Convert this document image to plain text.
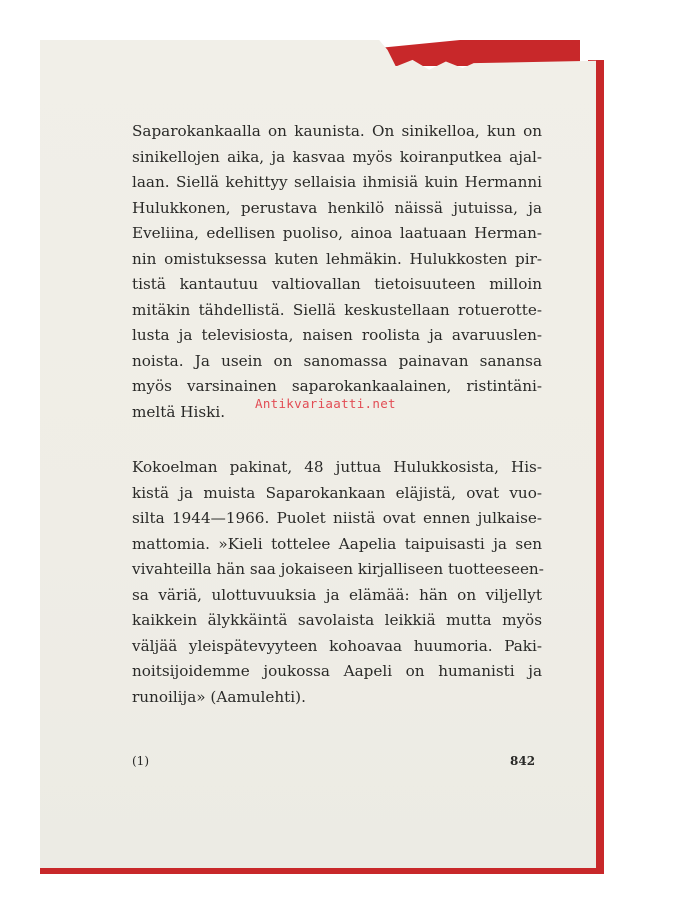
Saparokankaalla on kaunista. On sinikelloa, kun on
sinikellojen aika, ja kasvaa myös koiranputkea ajal-
laan. Siellä kehittyy sellaisia ihmisiä kuin Hermanni
Hulukkonen, perustava henkilö näissä jutuissa, ja
Eveliina, edellisen puoliso, ainoa laatuaan Herman-
nin omistuksessa kuten lehmäkin. Hulukkosten pir-
tistä kantautuu valtiovallan tietoisuuteen milloin
mitäkin tähdellistä. Siellä keskustellaan rotuerotte-
lusta ja televisiosta, naisen roolista ja avaruuslen-
noista. Ja usein on sanomassa painavan sanansa
myös varsinainen saparokankaalainen, ristintäni-
meltä Hiski.
Kokoelman pakinat, 48 juttua Hulukkosista, His-
kistä ja muista Saparokankaan eläjistä, ovat vuo-
silta 1944—1966. Puolet niistä ovat ennen julkaise-
mattomia. »Kieli tottelee Aapelia taipuisasti ja sen
vivahteilla hän saa jokaiseen kirjalliseen tuotteeseen-
sa väriä, ulottuvuuksia ja elämää: hän on viljellyt
kaikkein älykkäintä savolaista leikkiä mutta myös
väljää yleispätevyyteen kohoavaa huumoria. Paki-
noitsijoidemme joukossa Aapeli on humanisti ja
runoilija» (Aamulehti).
(1)	842
Antikvariaatti.net
